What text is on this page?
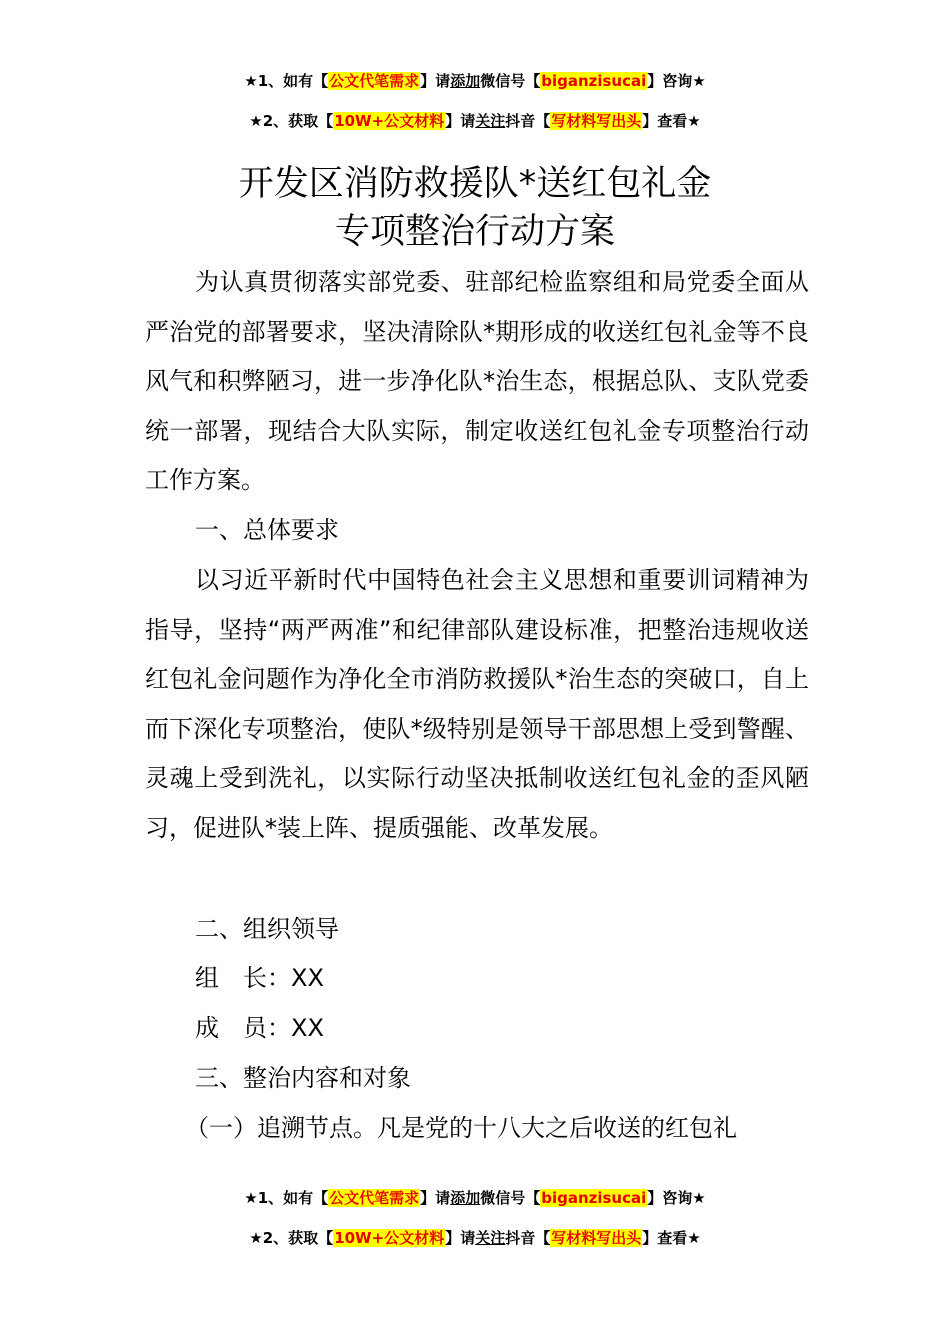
★1、如有【公文代笔需求】请添加微信号【biganzisucai】咨询★
★2、获取【10W+公文材料】请关注抖音【写材料写出头】查看★
开发区消防救援队*送红包礼金
专项整治行动方案

为认真贯彻落实部党委、驻部纪检监察组和局党委全面从严治党的部署要求，坚决清除队*期形成的收送红包礼金等不良风气和积弊陋习，进一步净化队*治生态，根据总队、支队党委统一部署，现结合大队实际，制定收送红包礼金专项整治行动工作方案。

一、总体要求

以习近平新时代中国特色社会主义思想和重要训词精神为指导，坚持“两严两准”和纪律部队建设标准，把整治违规收送红包礼金问题作为净化全市消防救援队*治生态的突破口，自上而下深化专项整治，使队*级特别是领导干部思想上受到警醒、灵魂上受到洗礼，以实际行动坚决抵制收送红包礼金的歪风陋习，促进队*装上阵、提质强能、改革发展。

二、组织领导

组　长：XX

成　员：XX

三、整治内容和对象

（一）追溯节点。凡是党的十八大之后收送的红包礼

★1、如有【公文代笔需求】请添加微信号【biganzisucai】咨询★
★2、获取【10W+公文材料】请关注抖音【写材料写出头】查看★
